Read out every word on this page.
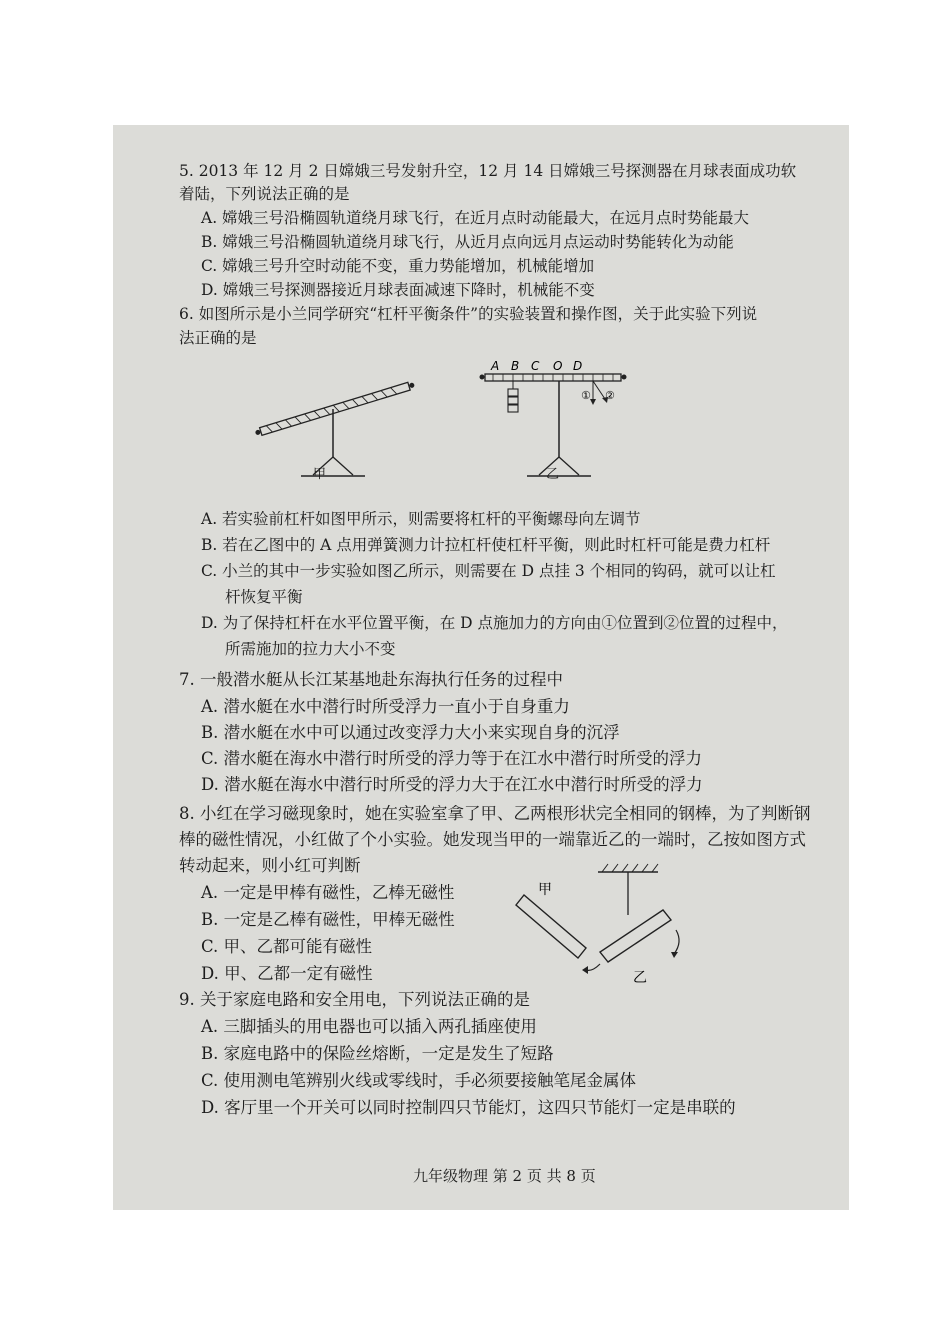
5. 2013 年 12 月 2 日嫦娥三号发射升空，12 月 14 日嫦娥三号探测器在月球表面成功软
着陆，下列说法正确的是
A. 嫦娥三号沿椭圆轨道绕月球飞行，在近月点时动能最大，在远月点时势能最大
B. 嫦娥三号沿椭圆轨道绕月球飞行，从近月点向远月点运动时势能转化为动能
C. 嫦娥三号升空时动能不变，重力势能增加，机械能增加
D. 嫦娥三号探测器接近月球表面减速下降时，机械能不变
6. 如图所示是小兰同学研究“杠杆平衡条件”的实验装置和操作图，关于此实验下列说
法正确的是
甲
A B C O D
① ②
乙
A. 若实验前杠杆如图甲所示，则需要将杠杆的平衡螺母向左调节
B. 若在乙图中的 A 点用弹簧测力计拉杠杆使杠杆平衡，则此时杠杆可能是费力杠杆
C. 小兰的其中一步实验如图乙所示，则需要在 D 点挂 3 个相同的钩码，就可以让杠
杆恢复平衡
D. 为了保持杠杆在水平位置平衡，在 D 点施加力的方向由①位置到②位置的过程中，
所需施加的拉力大小不变
7. 一般潜水艇从长江某基地赴东海执行任务的过程中
A. 潜水艇在水中潜行时所受浮力一直小于自身重力
B. 潜水艇在水中可以通过改变浮力大小来实现自身的沉浮
C. 潜水艇在海水中潜行时所受的浮力等于在江水中潜行时所受的浮力
D. 潜水艇在海水中潜行时所受的浮力大于在江水中潜行时所受的浮力
8. 小红在学习磁现象时，她在实验室拿了甲、乙两根形状完全相同的钢棒，为了判断钢
棒的磁性情况，小红做了个小实验。她发现当甲的一端靠近乙的一端时，乙按如图方式
转动起来，则小红可判断
A. 一定是甲棒有磁性，乙棒无磁性
B. 一定是乙棒有磁性，甲棒无磁性
C. 甲、乙都可能有磁性
D. 甲、乙都一定有磁性
甲
乙
9. 关于家庭电路和安全用电，下列说法正确的是
A. 三脚插头的用电器也可以插入两孔插座使用
B. 家庭电路中的保险丝熔断，一定是发生了短路
C. 使用测电笔辨别火线或零线时，手必须要接触笔尾金属体
D. 客厅里一个开关可以同时控制四只节能灯，这四只节能灯一定是串联的
九年级物理 第 2 页 共 8 页
